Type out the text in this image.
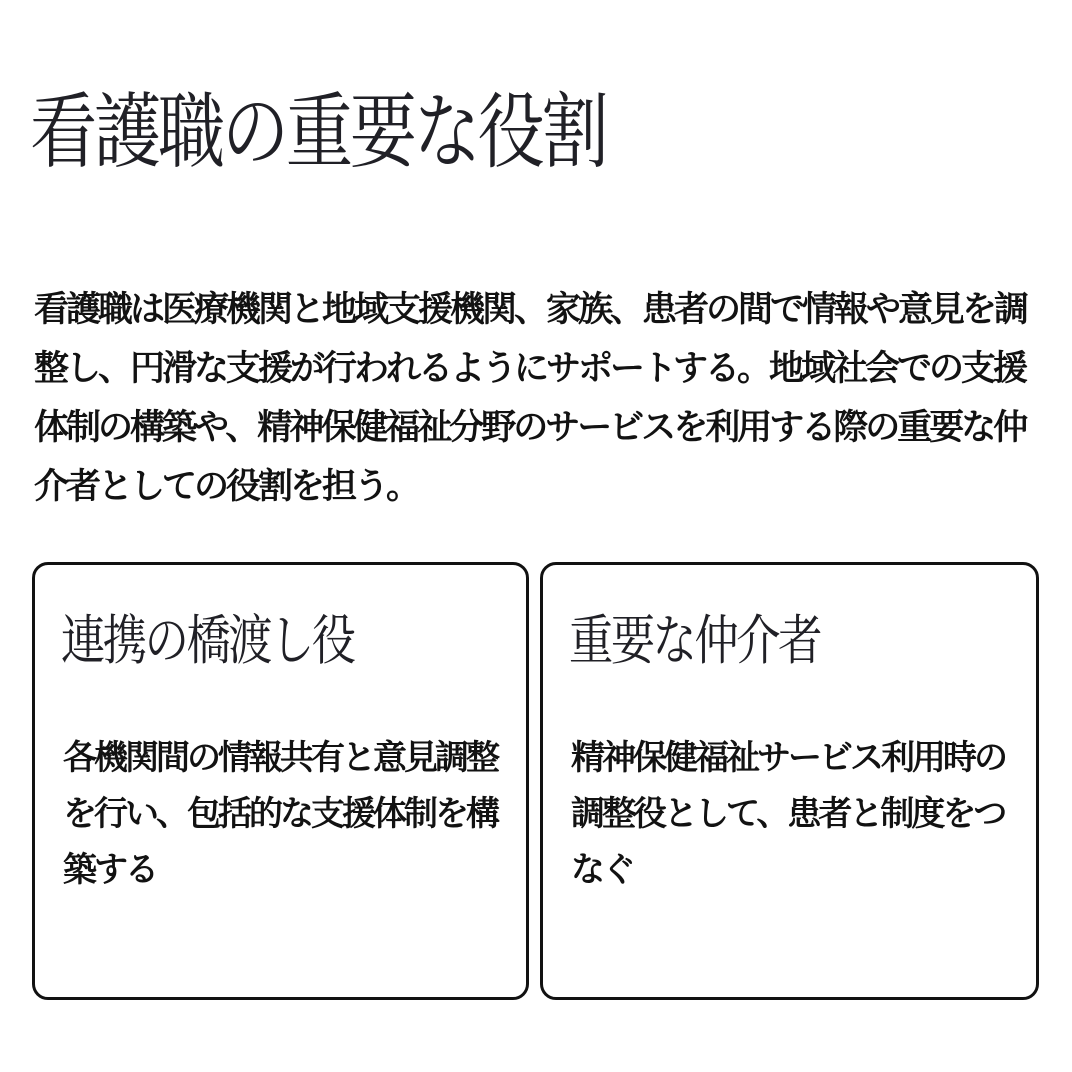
看護職の重要な役割

看護職は医療機関と地域支援機関、家族、患者の間で情報や意見を調整し、円滑な支援が行われるようにサポートする。地域社会での支援体制の構築や、精神保健福祉分野のサービスを利用する際の重要な仲介者としての役割を担う。

連携の橋渡し役

各機関間の情報共有と意見調整を行い、包括的な支援体制を構築する

重要な仲介者

精神保健福祉サービス利用時の調整役として、患者と制度をつなぐ
